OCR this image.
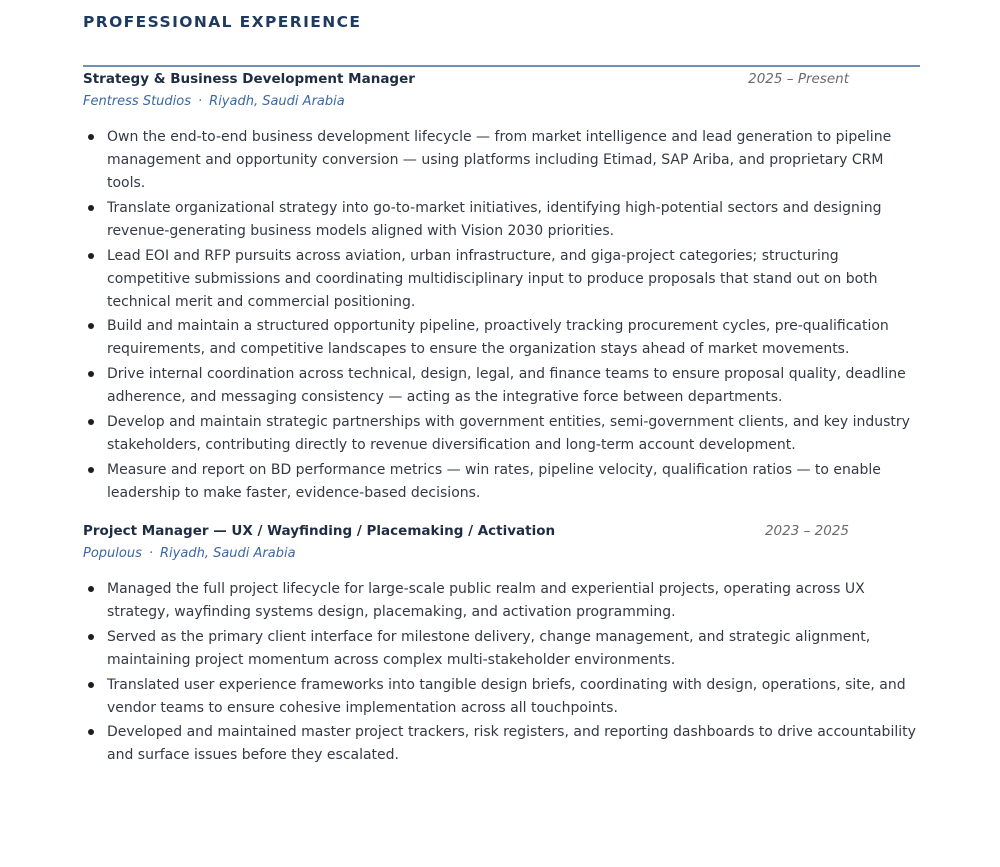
PROFESSIONAL EXPERIENCE
Strategy & Business Development Manager	2025 – Present
Fentress Studios · Riyadh, Saudi Arabia
Own the end-to-end business development lifecycle — from market intelligence and lead generation to pipeline management and opportunity conversion — using platforms including Etimad, SAP Ariba, and proprietary CRM tools.
Translate organizational strategy into go-to-market initiatives, identifying high-potential sectors and designing revenue-generating business models aligned with Vision 2030 priorities.
Lead EOI and RFP pursuits across aviation, urban infrastructure, and giga-project categories; structuring competitive submissions and coordinating multidisciplinary input to produce proposals that stand out on both technical merit and commercial positioning.
Build and maintain a structured opportunity pipeline, proactively tracking procurement cycles, pre-qualification requirements, and competitive landscapes to ensure the organization stays ahead of market movements.
Drive internal coordination across technical, design, legal, and finance teams to ensure proposal quality, deadline adherence, and messaging consistency — acting as the integrative force between departments.
Develop and maintain strategic partnerships with government entities, semi-government clients, and key industry stakeholders, contributing directly to revenue diversification and long-term account development.
Measure and report on BD performance metrics — win rates, pipeline velocity, qualification ratios — to enable leadership to make faster, evidence-based decisions.
Project Manager — UX / Wayfinding / Placemaking / Activation	2023 – 2025
Populous · Riyadh, Saudi Arabia
Managed the full project lifecycle for large-scale public realm and experiential projects, operating across UX strategy, wayfinding systems design, placemaking, and activation programming.
Served as the primary client interface for milestone delivery, change management, and strategic alignment, maintaining project momentum across complex multi-stakeholder environments.
Translated user experience frameworks into tangible design briefs, coordinating with design, operations, site, and vendor teams to ensure cohesive implementation across all touchpoints.
Developed and maintained master project trackers, risk registers, and reporting dashboards to drive accountability and surface issues before they escalated.
